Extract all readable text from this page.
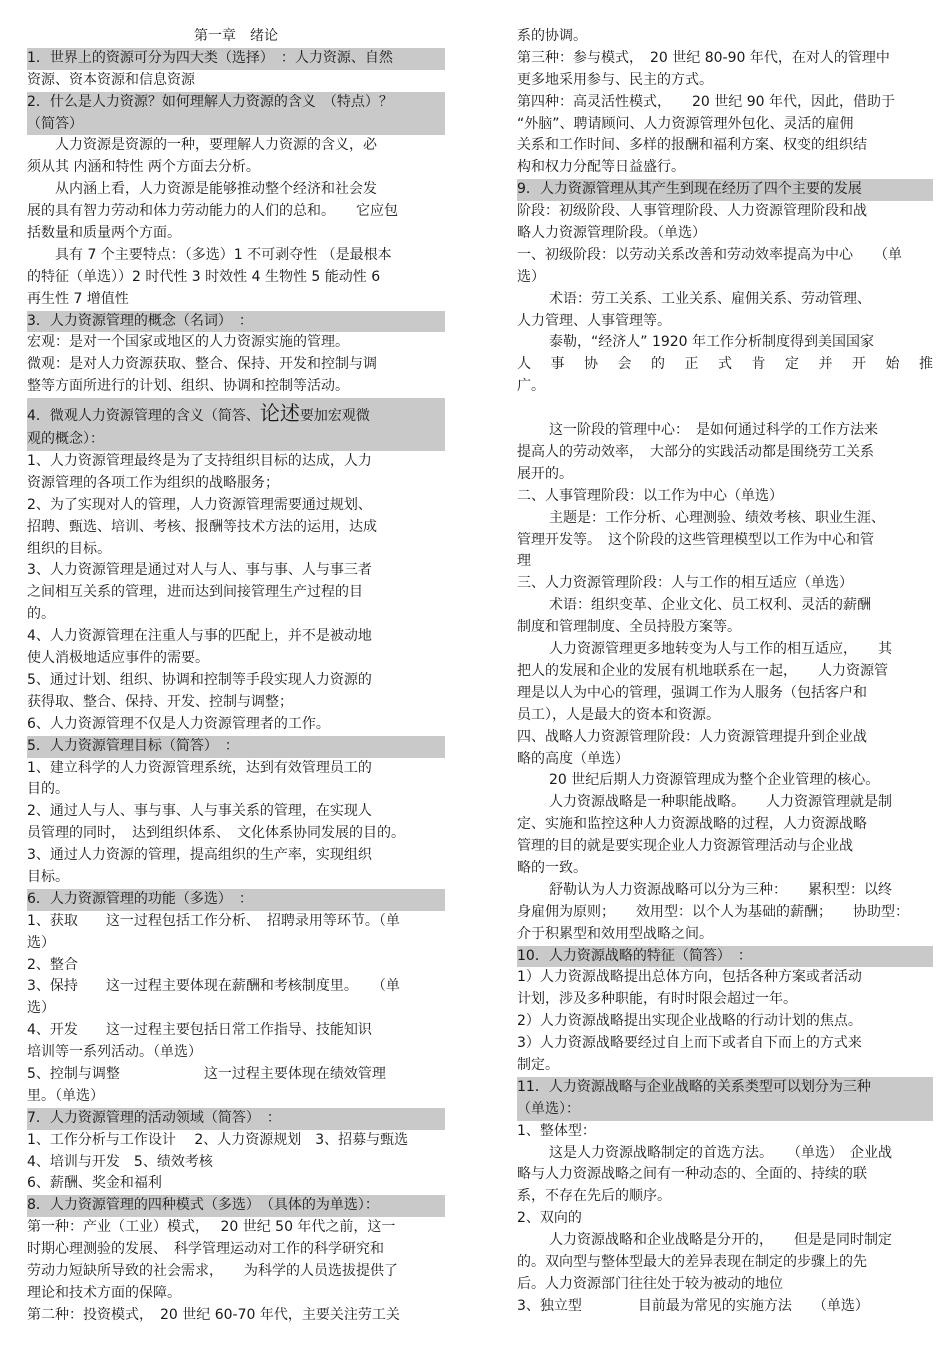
第一章　绪论
1．世界上的资源可分为四大类（选择）　：人力资源、自然
资源、资本资源和信息资源
2．什么是人力资源？如何理解人力资源的含义　（特点）？
（简答）
人力资源是资源的一种，要理解人力资源的含义，必
须从其 内涵和特性 两个方面去分析。
从内涵上看，人力资源是能够推动整个经济和社会发
展的具有智力劳动和体力劳动能力的人们的总和。　　它应包
括数量和质量两个方面。
具有 7 个主要特点：（多选）1 不可剥夺性 （是最根本
的特征（单选））2 时代性 3 时效性 4 生物性 5 能动性 6
再生性 7 增值性
3．人力资源管理的概念（名词）　：
宏观：是对一个国家或地区的人力资源实施的管理。
微观：是对人力资源获取、整合、保持、开发和控制与调
整等方面所进行的计划、组织、协调和控制等活动。
4．微观人力资源管理的含义（简答、论述要加宏观微
观的概念）：
1、人力资源管理最终是为了支持组织目标的达成，人力
资源管理的各项工作为组织的战略服务；
2、为了实现对人的管理，人力资源管理需要通过规划、
招聘、甄选、培训、考核、报酬等技术方法的运用，达成
组织的目标。
3、人力资源管理是通过对人与人、事与事、人与事三者
之间相互关系的管理，进而达到间接管理生产过程的目
的。
4、人力资源管理在注重人与事的匹配上，并不是被动地
使人消极地适应事件的需要。
5、通过计划、组织、协调和控制等手段实现人力资源的
获得取、整合、保持、开发、控制与调整；
6、人力资源管理不仅是人力资源管理者的工作。
5．人力资源管理目标（简答）　：
1、建立科学的人力资源管理系统，达到有效管理员工的
目的。
2、通过人与人、事与事、人与事关系的管理，在实现人
员管理的同时，　达到组织体系、　文化体系协同发展的目的。
3、通过人力资源的管理，提高组织的生产率，实现组织
目标。
6．人力资源管理的功能（多选）　：
1、获取　　这一过程包括工作分析、　招聘录用等环节。（单
选）
2、整合
3、保持　　这一过程主要体现在薪酬和考核制度里。　　（单
选）
4、开发　　这一过程主要包括日常工作指导、技能知识
培训等一系列活动。（单选）
5、控制与调整　　　　　　这一过程主要体现在绩效管理
里。（单选）
7．人力资源管理的活动领域（简答）　：
1、工作分析与工作设计　 2、人力资源规划　3、招募与甄选
4、培训与开发　5、绩效考核
6、薪酬、奖金和福利
8．人力资源管理的四种模式（多选）　（具体的为单选）：
第一种：产业（工业）模式，　 20 世纪 50 年代之前，这一
时期心理测验的发展、　科学管理运动对工作的科学研究和
劳动力短缺所导致的社会需求，　　为科学的人员选拔提供了
理论和技术方面的保障。
第二种：投资模式，　20 世纪 60-70 年代，主要关注劳工关
系的协调。
第三种：参与模式，　20 世纪 80-90 年代，在对人的管理中
更多地采用参与、民主的方式。
第四种：高灵活性模式，　　20 世纪 90 年代，因此，借助于
“外脑”、聘请顾问、人力资源管理外包化、灵活的雇佣
关系和工作时间、多样的报酬和福利方案、权变的组织结
构和权力分配等日益盛行。
9．人力资源管理从其产生到现在经历了四个主要的发展
阶段：初级阶段、人事管理阶段、人力资源管理阶段和战
略人力资源管理阶段。（单选）
一、初级阶段：以劳动关系改善和劳动效率提高为中心　　（单
选）
术语：劳工关系、工业关系、雇佣关系、劳动管理、
人力管理、人事管理等。
泰勒，“经济人” 1920 年工作分析制度得到美国国家
人事协会的正式肯定并开始推
广。
这一阶段的管理中心：　是如何通过科学的工作方法来
提高人的劳动效率，　大部分的实践活动都是围绕劳工关系
展开的。
二、人事管理阶段：以工作为中心（单选）
主题是：工作分析、心理测验、绩效考核、职业生涯、
管理开发等。　这个阶段的这些管理模型以工作为中心和管
理
三、人力资源管理阶段：人与工作的相互适应（单选）
术语：组织变革、企业文化、员工权利、灵活的薪酬
制度和管理制度、全员持股方案等。
人力资源管理更多地转变为人与工作的相互适应，　　其
把人的发展和企业的发展有机地联系在一起，　　人力资源管
理是以人为中心的管理，强调工作为人服务（包括客户和
员工），人是最大的资本和资源。
四、战略人力资源管理阶段：人力资源管理提升到企业战
略的高度（单选）
20 世纪后期人力资源管理成为整个企业管理的核心。
人力资源战略是一种职能战略。　　人力资源管理就是制
定、实施和监控这种人力资源战略的过程，人力资源战略
管理的目的就是要实现企业人力资源管理活动与企业战
略的一致。
舒勒认为人力资源战略可以分为三种：　　累积型：以终
身雇佣为原则；　　效用型：以个人为基础的薪酬；　　协助型：
介于积累型和效用型战略之间。
10．人力资源战略的特征（简答）　：
1）人力资源战略提出总体方向，包括各种方案或者活动
计划，涉及多种职能，有时时限会超过一年。
2）人力资源战略提出实现企业战略的行动计划的焦点。
3）人力资源战略要经过自上而下或者自下而上的方式来
制定。
11．人力资源战略与企业战略的关系类型可以划分为三种
（单选）：
1、整体型：
这是人力资源战略制定的首选方法。　　（单选）　企业战
略与人力资源战略之间有一种动态的、全面的、持续的联
系，不存在先后的顺序。
2、双向的
人力资源战略和企业战略是分开的，　　但是是同时制定
的。双向型与整体型最大的差异表现在制定的步骤上的先
后。人力资源部门往往处于较为被动的地位
3、独立型　　　　目前最为常见的实施方法　　（单选）
